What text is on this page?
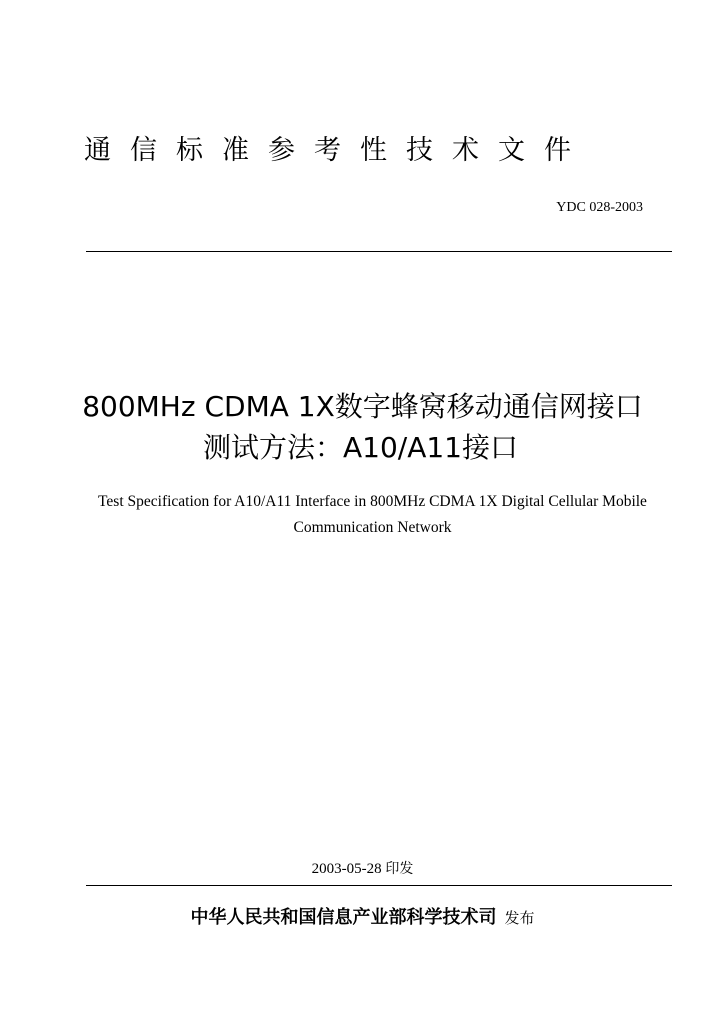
通信标准参考性技术文件
YDC 028-2003
800MHz CDMA 1X数字蜂窝移动通信网接口
测试方法：A10/A11接口
Test Specification for A10/A11 Interface in 800MHz CDMA 1X Digital Cellular Mobile Communication Network
2003-05-28 印发
中华人民共和国信息产业部科学技术司 发布
